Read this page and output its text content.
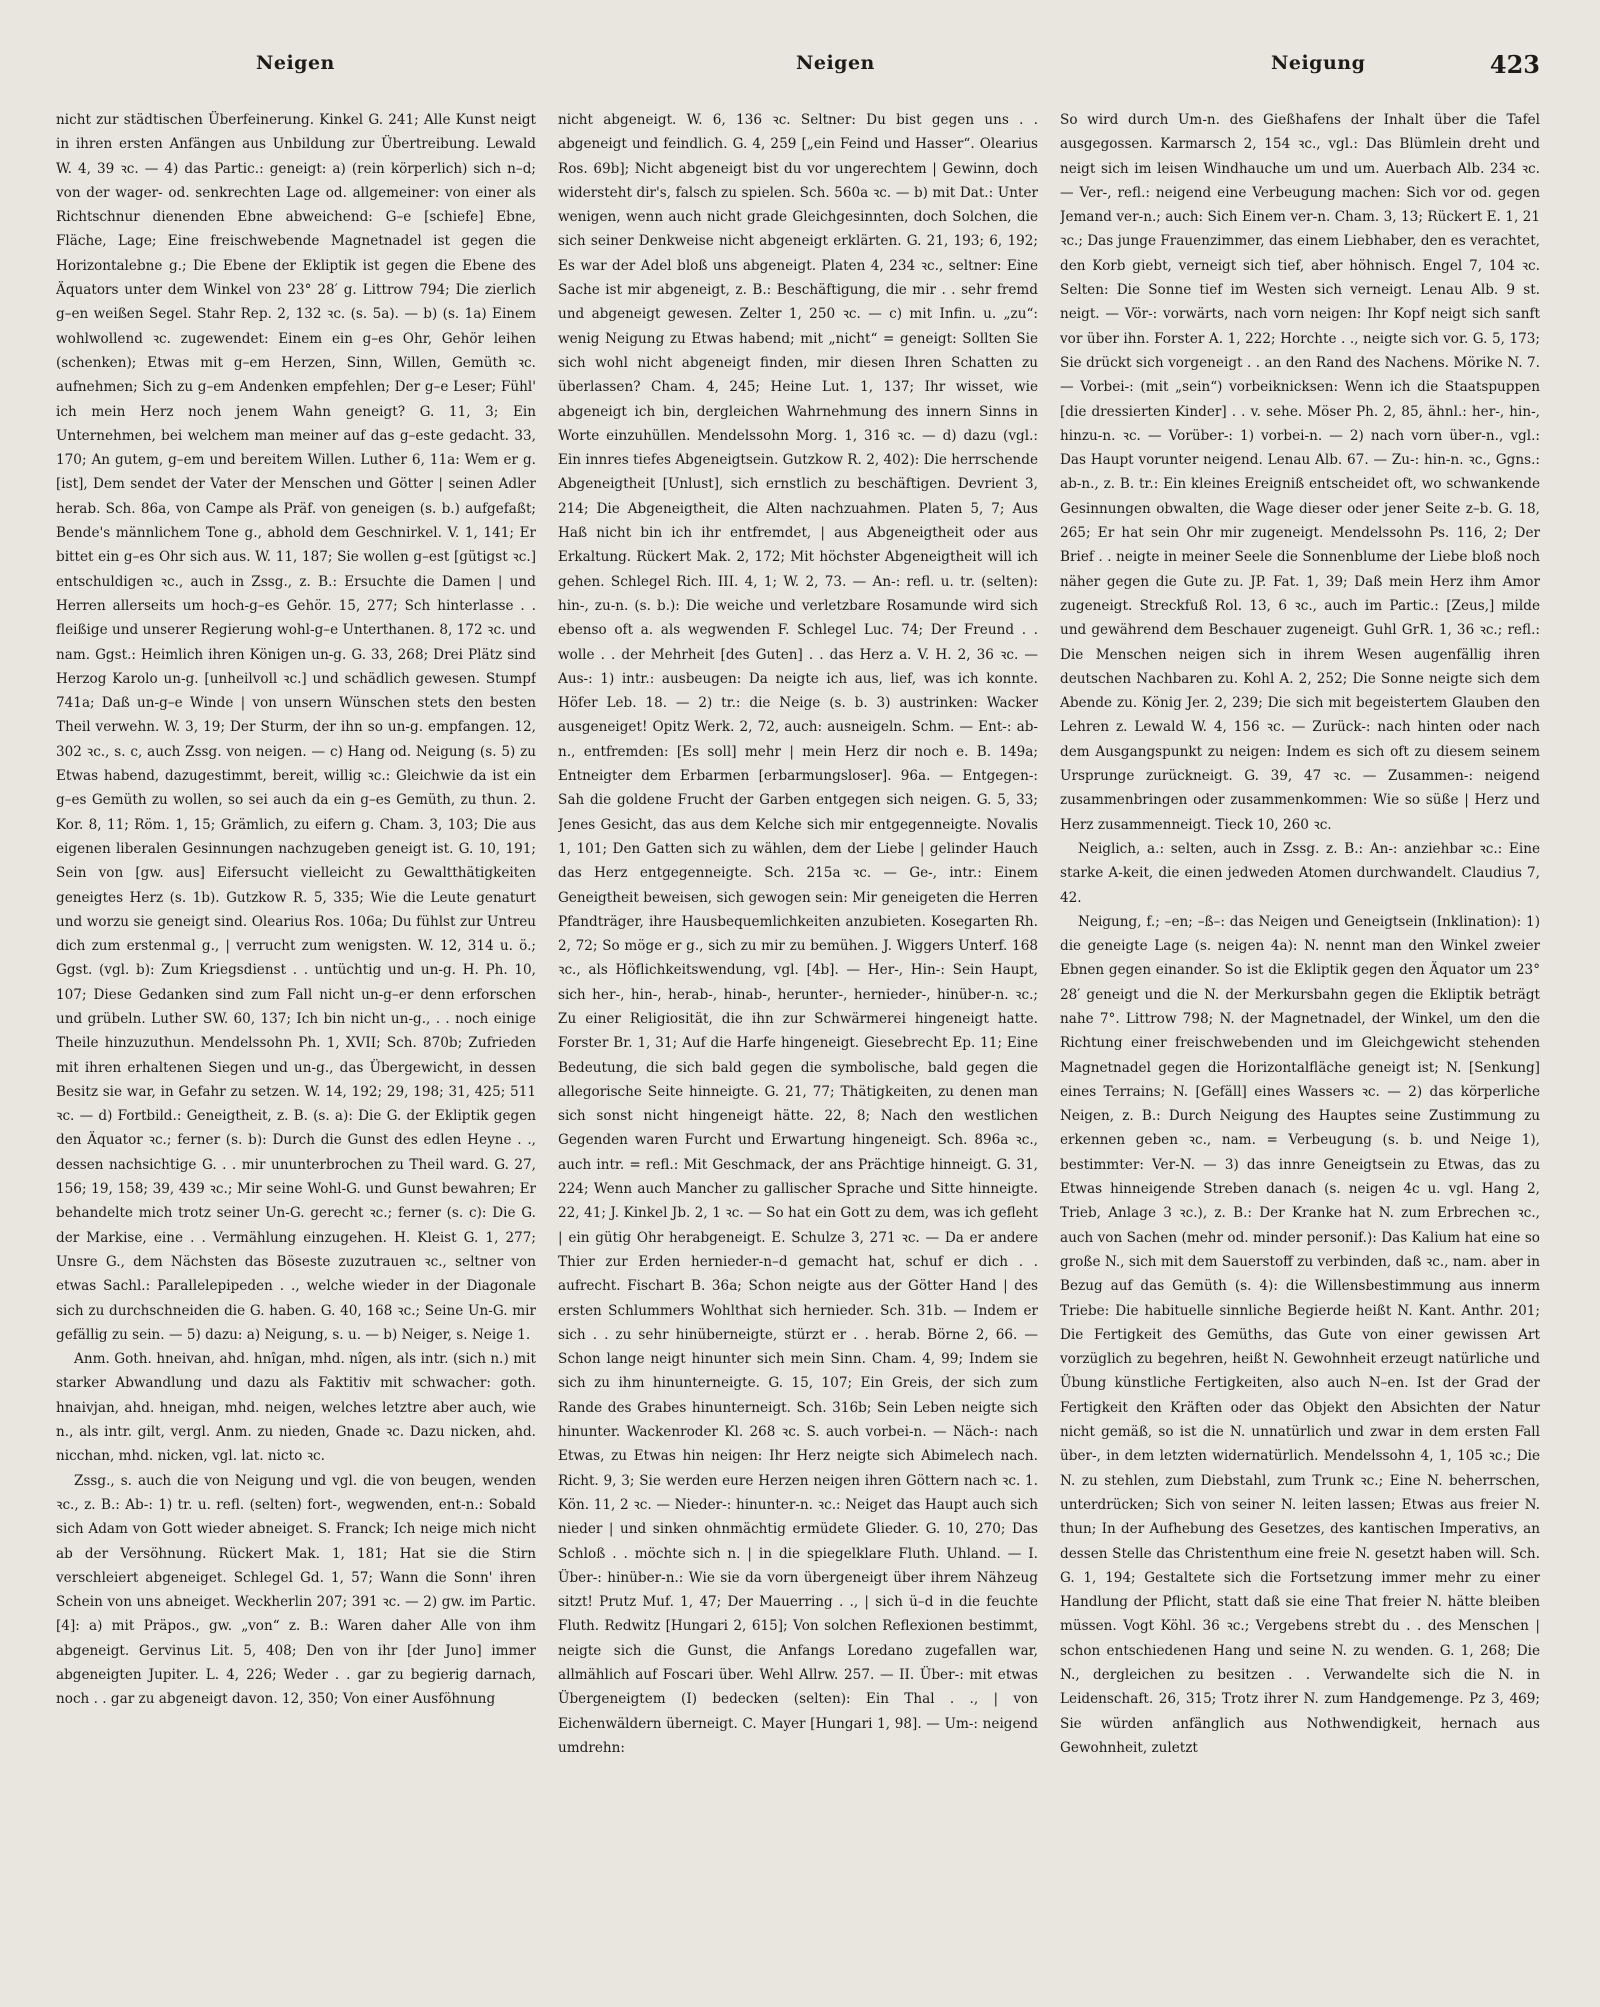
Neigen	Neigen	Neigung	423

nicht zur städtischen Überfeinerung. Kinkel G. 241; Alle Kunst neigt in ihren ersten Anfängen aus Unbildung zur Übertreibung. Lewald W. 4, 39 ꝛc. — 4) das Partic.: geneigt: a) (rein körperlich) sich n–d; von der wager- od. senkrechten Lage od. allgemeiner: von einer als Richtschnur dienenden Ebne abweichend: G–e [schiefe] Ebne, Fläche, Lage; Eine freischwebende Magnetnadel ist gegen die Horizontalebne g.; Die Ebene der Ekliptik ist gegen die Ebene des Äquators unter dem Winkel von 23° 28′ g. Littrow 794; Die zierlich g–en weißen Segel. Stahr Rep. 2, 132 ꝛc. (s. 5a). — b) (s. 1a) Einem wohlwollend ꝛc. zugewendet: Einem ein g–es Ohr, Gehör leihen (schenken); Etwas mit g–em Herzen, Sinn, Willen, Gemüth ꝛc. aufnehmen; Sich zu g–em Andenken empfehlen; Der g–e Leser; Fühl' ich mein Herz noch jenem Wahn geneigt? G. 11, 3; Ein Unternehmen, bei welchem man meiner auf das g–este gedacht. 33, 170; An gutem, g–em und bereitem Willen. Luther 6, 11a: Wem er g. [ist], Dem sendet der Vater der Menschen und Götter | seinen Adler herab. Sch. 86a, von Campe als Präf. von geneigen (s. b.) aufgefaßt; Bende's männlichem Tone g., abhold dem Geschnirkel. V. 1, 141; Er bittet ein g–es Ohr sich aus. W. 11, 187; Sie wollen g–est [gütigst ꝛc.] entschuldigen ꝛc., auch in Zssg., z. B.: Ersuchte die Damen | und Herren allerseits um hoch-g–es Gehör. 15, 277; Sch hinterlasse . . fleißige und unserer Regierung wohl-g–e Unterthanen. 8, 172 ꝛc. und nam. Ggst.: Heimlich ihren Königen un-g. G. 33, 268; Drei Plätz sind Herzog Karolo un-g. [unheilvoll ꝛc.] und schädlich gewesen. Stumpf 741a; Daß un-g–e Winde | von unsern Wünschen stets den besten Theil verwehn. W. 3, 19; Der Sturm, der ihn so un-g. empfangen. 12, 302 ꝛc., s. c, auch Zssg. von neigen. — c) Hang od. Neigung (s. 5) zu Etwas habend, dazugestimmt, bereit, willig ꝛc.: Gleichwie da ist ein g–es Gemüth zu wollen, so sei auch da ein g–es Gemüth, zu thun. 2. Kor. 8, 11; Röm. 1, 15; Grämlich, zu eifern g. Cham. 3, 103; Die aus eigenen liberalen Gesinnungen nachzugeben geneigt ist. G. 10, 191; Sein von [gw. aus] Eifersucht vielleicht zu Gewaltthätigkeiten geneigtes Herz (s. 1b). Gutzkow R. 5, 335; Wie die Leute genaturt und worzu sie geneigt sind. Olearius Ros. 106a; Du fühlst zur Untreu dich zum erstenmal g., | verrucht zum wenigsten. W. 12, 314 u. ö.; Ggst. (vgl. b): Zum Kriegsdienst . . untüchtig und un-g. H. Ph. 10, 107; Diese Gedanken sind zum Fall nicht un-g–er denn erforschen und grübeln. Luther SW. 60, 137; Ich bin nicht un-g., . . noch einige Theile hinzuzuthun. Mendelssohn Ph. 1, XVII; Sch. 870b; Zufrieden mit ihren erhaltenen Siegen und un-g., das Übergewicht, in dessen Besitz sie war, in Gefahr zu setzen. W. 14, 192; 29, 198; 31, 425; 511 ꝛc. — d) Fortbild.: Geneigtheit, z. B. (s. a): Die G. der Ekliptik gegen den Äquator ꝛc.; ferner (s. b): Durch die Gunst des edlen Heyne . ., dessen nachsichtige G. . . mir ununterbrochen zu Theil ward. G. 27, 156; 19, 158; 39, 439 ꝛc.; Mir seine Wohl-G. und Gunst bewahren; Er behandelte mich trotz seiner Un-G. gerecht ꝛc.; ferner (s. c): Die G. der Markise, eine . . Vermählung einzugehen. H. Kleist G. 1, 277; Unsre G., dem Nächsten das Böseste zuzutrauen ꝛc., seltner von etwas Sachl.: Parallelepipeden . ., welche wieder in der Diagonale sich zu durchschneiden die G. haben. G. 40, 168 ꝛc.; Seine Un-G. mir gefällig zu sein. — 5) dazu: a) Neigung, s. u. — b) Neiger, s. Neige 1.

Anm. Goth. hneivan, ahd. hnîgan, mhd. nîgen, als intr. (sich n.) mit starker Abwandlung und dazu als Faktitiv mit schwacher: goth. hnaivjan, ahd. hneigan, mhd. neigen, welches letztre aber auch, wie n., als intr. gilt, vergl. Anm. zu nieden, Gnade ꝛc. Dazu nicken, ahd. nicchan, mhd. nicken, vgl. lat. nicto ꝛc.

Zssg., s. auch die von Neigung und vgl. die von beugen, wenden ꝛc., z. B.: Ab-: 1) tr. u. refl. (selten) fort-, wegwenden, ent-n.: Sobald sich Adam von Gott wieder abneiget. S. Franck; Ich neige mich nicht ab der Versöhnung. Rückert Mak. 1, 181; Hat sie die Stirn verschleiert abgeneiget. Schlegel Gd. 1, 57; Wann die Sonn' ihren Schein von uns abneiget. Weckherlin 207; 391 ꝛc. — 2) gw. im Partic. [4]: a) mit Präpos., gw. „von“ z. B.: Waren daher Alle von ihm abgeneigt. Gervinus Lit. 5, 408; Den von ihr [der Juno] immer abgeneigten Jupiter. L. 4, 226; Weder . . gar zu begierig darnach, noch . . gar zu abgeneigt davon. 12, 350; Von einer Ausföhnung

nicht abgeneigt. W. 6, 136 ꝛc. Seltner: Du bist gegen uns . . abgeneigt und feindlich. G. 4, 259 [„ein Feind und Hasser“. Olearius Ros. 69b]; Nicht abgeneigt bist du vor ungerechtem | Gewinn, doch widersteht dir's, falsch zu spielen. Sch. 560a ꝛc. — b) mit Dat.: Unter wenigen, wenn auch nicht grade Gleichgesinnten, doch Solchen, die sich seiner Denkweise nicht abgeneigt erklärten. G. 21, 193; 6, 192; Es war der Adel bloß uns abgeneigt. Platen 4, 234 ꝛc., seltner: Eine Sache ist mir abgeneigt, z. B.: Beschäftigung, die mir . . sehr fremd und abgeneigt gewesen. Zelter 1, 250 ꝛc. — c) mit Infin. u. „zu“: wenig Neigung zu Etwas habend; mit „nicht“ = geneigt: Sollten Sie sich wohl nicht abgeneigt finden, mir diesen Ihren Schatten zu überlassen? Cham. 4, 245; Heine Lut. 1, 137; Ihr wisset, wie abgeneigt ich bin, dergleichen Wahrnehmung des innern Sinns in Worte einzuhüllen. Mendelssohn Morg. 1, 316 ꝛc. — d) dazu (vgl.: Ein innres tiefes Abgeneigtsein. Gutzkow R. 2, 402): Die herrschende Abgeneigtheit [Unlust], sich ernstlich zu beschäftigen. Devrient 3, 214; Die Abgeneigtheit, die Alten nachzuahmen. Platen 5, 7; Aus Haß nicht bin ich ihr entfremdet, | aus Abgeneigtheit oder aus Erkaltung. Rückert Mak. 2, 172; Mit höchster Abgeneigtheit will ich gehen. Schlegel Rich. III. 4, 1; W. 2, 73. — An-: refl. u. tr. (selten): hin-, zu-n. (s. b.): Die weiche und verletzbare Rosamunde wird sich ebenso oft a. als wegwenden F. Schlegel Luc. 74; Der Freund . . wolle . . der Mehrheit [des Guten] . . das Herz a. V. H. 2, 36 ꝛc. — Aus-: 1) intr.: ausbeugen: Da neigte ich aus, lief, was ich konnte. Höfer Leb. 18. — 2) tr.: die Neige (s. b. 3) austrinken: Wacker ausgeneiget! Opitz Werk. 2, 72, auch: ausneigeln. Schm. — Ent-: ab-n., entfremden: [Es soll] mehr | mein Herz dir noch e. B. 149a; Entneigter dem Erbarmen [erbarmungsloser]. 96a. — Entgegen-: Sah die goldene Frucht der Garben entgegen sich neigen. G. 5, 33; Jenes Gesicht, das aus dem Kelche sich mir entgegenneigte. Novalis 1, 101; Den Gatten sich zu wählen, dem der Liebe | gelinder Hauch das Herz entgegenneigte. Sch. 215a ꝛc. — Ge-, intr.: Einem Geneigtheit beweisen, sich gewogen sein: Mir geneigeten die Herren Pfandträger, ihre Hausbequemlichkeiten anzubieten. Kosegarten Rh. 2, 72; So möge er g., sich zu mir zu bemühen. J. Wiggers Unterf. 168 ꝛc., als Höflichkeitswendung, vgl. [4b]. — Her-, Hin-: Sein Haupt, sich her-, hin-, herab-, hinab-, herunter-, hernieder-, hinüber-n. ꝛc.; Zu einer Religiosität, die ihn zur Schwärmerei hingeneigt hatte. Forster Br. 1, 31; Auf die Harfe hingeneigt. Giesebrecht Ep. 11; Eine Bedeutung, die sich bald gegen die symbolische, bald gegen die allegorische Seite hinneigte. G. 21, 77; Thätigkeiten, zu denen man sich sonst nicht hingeneigt hätte. 22, 8; Nach den westlichen Gegenden waren Furcht und Erwartung hingeneigt. Sch. 896a ꝛc., auch intr. = refl.: Mit Geschmack, der ans Prächtige hinneigt. G. 31, 224; Wenn auch Mancher zu gallischer Sprache und Sitte hinneigte. 22, 41; J. Kinkel Jb. 2, 1 ꝛc. — So hat ein Gott zu dem, was ich gefleht | ein gütig Ohr herabgeneigt. E. Schulze 3, 271 ꝛc. — Da er andere Thier zur Erden hernieder-n–d gemacht hat, schuf er dich . . aufrecht. Fischart B. 36a; Schon neigte aus der Götter Hand | des ersten Schlummers Wohlthat sich hernieder. Sch. 31b. — Indem er sich . . zu sehr hinüberneigte, stürzt er . . herab. Börne 2, 66. — Schon lange neigt hinunter sich mein Sinn. Cham. 4, 99; Indem sie sich zu ihm hinunterneigte. G. 15, 107; Ein Greis, der sich zum Rande des Grabes hinunterneigt. Sch. 316b; Sein Leben neigte sich hinunter. Wackenroder Kl. 268 ꝛc. S. auch vorbei-n. — Näch-: nach Etwas, zu Etwas hin neigen: Ihr Herz neigte sich Abimelech nach. Richt. 9, 3; Sie werden eure Herzen neigen ihren Göttern nach ꝛc. 1. Kön. 11, 2 ꝛc. — Nieder-: hinunter-n. ꝛc.: Neiget das Haupt auch sich nieder | und sinken ohnmächtig ermüdete Glieder. G. 10, 270; Das Schloß . . möchte sich n. | in die spiegelklare Fluth. Uhland. — I. Über-: hinüber-n.: Wie sie da vorn übergeneigt über ihrem Nähzeug sitzt! Prutz Muf. 1, 47; Der Mauerring . ., | sich ü–d in die feuchte Fluth. Redwitz [Hungari 2, 615]; Von solchen Reflexionen bestimmt, neigte sich die Gunst, die Anfangs Loredano zugefallen war, allmählich auf Foscari über. Wehl Allrw. 257. — II. Über-: mit etwas Übergeneigtem (I) bedecken (selten): Ein Thal . ., | von Eichenwäldern überneigt. C. Mayer [Hungari 1, 98]. — Um-: neigend umdrehn:

So wird durch Um-n. des Gießhafens der Inhalt über die Tafel ausgegossen. Karmarsch 2, 154 ꝛc., vgl.: Das Blümlein dreht und neigt sich im leisen Windhauche um und um. Auerbach Alb. 234 ꝛc. — Ver-, refl.: neigend eine Verbeugung machen: Sich vor od. gegen Jemand ver-n.; auch: Sich Einem ver-n. Cham. 3, 13; Rückert E. 1, 21 ꝛc.; Das junge Frauenzimmer, das einem Liebhaber, den es verachtet, den Korb giebt, verneigt sich tief, aber höhnisch. Engel 7, 104 ꝛc. Selten: Die Sonne tief im Westen sich verneigt. Lenau Alb. 9 st. neigt. — Vör-: vorwärts, nach vorn neigen: Ihr Kopf neigt sich sanft vor über ihn. Forster A. 1, 222; Horchte . ., neigte sich vor. G. 5, 173; Sie drückt sich vorgeneigt . . an den Rand des Nachens. Mörike N. 7. — Vorbei-: (mit „sein“) vorbeiknicksen: Wenn ich die Staatspuppen [die dressierten Kinder] . . v. sehe. Möser Ph. 2, 85, ähnl.: her-, hin-, hinzu-n. ꝛc. — Vorüber-: 1) vorbei-n. — 2) nach vorn über-n., vgl.: Das Haupt vorunter neigend. Lenau Alb. 67. — Zu-: hin-n. ꝛc., Ggns.: ab-n., z. B. tr.: Ein kleines Ereigniß entscheidet oft, wo schwankende Gesinnungen obwalten, die Wage dieser oder jener Seite z–b. G. 18, 265; Er hat sein Ohr mir zugeneigt. Mendelssohn Ps. 116, 2; Der Brief . . neigte in meiner Seele die Sonnenblume der Liebe bloß noch näher gegen die Gute zu. JP. Fat. 1, 39; Daß mein Herz ihm Amor zugeneigt. Streckfuß Rol. 13, 6 ꝛc., auch im Partic.: [Zeus,] milde und gewährend dem Beschauer zugeneigt. Guhl GrR. 1, 36 ꝛc.; refl.: Die Menschen neigen sich in ihrem Wesen augenfällig ihren deutschen Nachbaren zu. Kohl A. 2, 252; Die Sonne neigte sich dem Abende zu. König Jer. 2, 239; Die sich mit begeistertem Glauben den Lehren z. Lewald W. 4, 156 ꝛc. — Zurück-: nach hinten oder nach dem Ausgangspunkt zu neigen: Indem es sich oft zu diesem seinem Ursprunge zurückneigt. G. 39, 47 ꝛc. — Zusammen-: neigend zusammenbringen oder zusammenkommen: Wie so süße | Herz und Herz zusammenneigt. Tieck 10, 260 ꝛc.

Neiglich, a.: selten, auch in Zssg. z. B.: An-: anziehbar ꝛc.: Eine starke A-keit, die einen jedweden Atomen durchwandelt. Claudius 7, 42.

Neigung, f.; –en; –ß–: das Neigen und Geneigtsein (Inklination): 1) die geneigte Lage (s. neigen 4a): N. nennt man den Winkel zweier Ebnen gegen einander. So ist die Ekliptik gegen den Äquator um 23° 28′ geneigt und die N. der Merkursbahn gegen die Ekliptik beträgt nahe 7°. Littrow 798; N. der Magnetnadel, der Winkel, um den die Richtung einer freischwebenden und im Gleichgewicht stehenden Magnetnadel gegen die Horizontalfläche geneigt ist; N. [Senkung] eines Terrains; N. [Gefäll] eines Wassers ꝛc. — 2) das körperliche Neigen, z. B.: Durch Neigung des Hauptes seine Zustimmung zu erkennen geben ꝛc., nam. = Verbeugung (s. b. und Neige 1), bestimmter: Ver-N. — 3) das innre Geneigtsein zu Etwas, das zu Etwas hinneigende Streben danach (s. neigen 4c u. vgl. Hang 2, Trieb, Anlage 3 ꝛc.), z. B.: Der Kranke hat N. zum Erbrechen ꝛc., auch von Sachen (mehr od. minder personif.): Das Kalium hat eine so große N., sich mit dem Sauerstoff zu verbinden, daß ꝛc., nam. aber in Bezug auf das Gemüth (s. 4): die Willensbestimmung aus innerm Triebe: Die habituelle sinnliche Begierde heißt N. Kant. Anthr. 201; Die Fertigkeit des Gemüths, das Gute von einer gewissen Art vorzüglich zu begehren, heißt N. Gewohnheit erzeugt natürliche und Übung künstliche Fertigkeiten, also auch N–en. Ist der Grad der Fertigkeit den Kräften oder das Objekt den Absichten der Natur nicht gemäß, so ist die N. unnatürlich und zwar in dem ersten Fall über-, in dem letzten widernatürlich. Mendelssohn 4, 1, 105 ꝛc.; Die N. zu stehlen, zum Diebstahl, zum Trunk ꝛc.; Eine N. beherrschen, unterdrücken; Sich von seiner N. leiten lassen; Etwas aus freier N. thun; In der Aufhebung des Gesetzes, des kantischen Imperativs, an dessen Stelle das Christenthum eine freie N. gesetzt haben will. Sch. G. 1, 194; Gestaltete sich die Fortsetzung immer mehr zu einer Handlung der Pflicht, statt daß sie eine That freier N. hätte bleiben müssen. Vogt Köhl. 36 ꝛc.; Vergebens strebt du . . des Menschen | schon entschiedenen Hang und seine N. zu wenden. G. 1, 268; Die N., dergleichen zu besitzen . . Verwandelte sich die N. in Leidenschaft. 26, 315; Trotz ihrer N. zum Handgemenge. Pz 3, 469; Sie würden anfänglich aus Nothwendigkeit, hernach aus Gewohnheit, zuletzt
